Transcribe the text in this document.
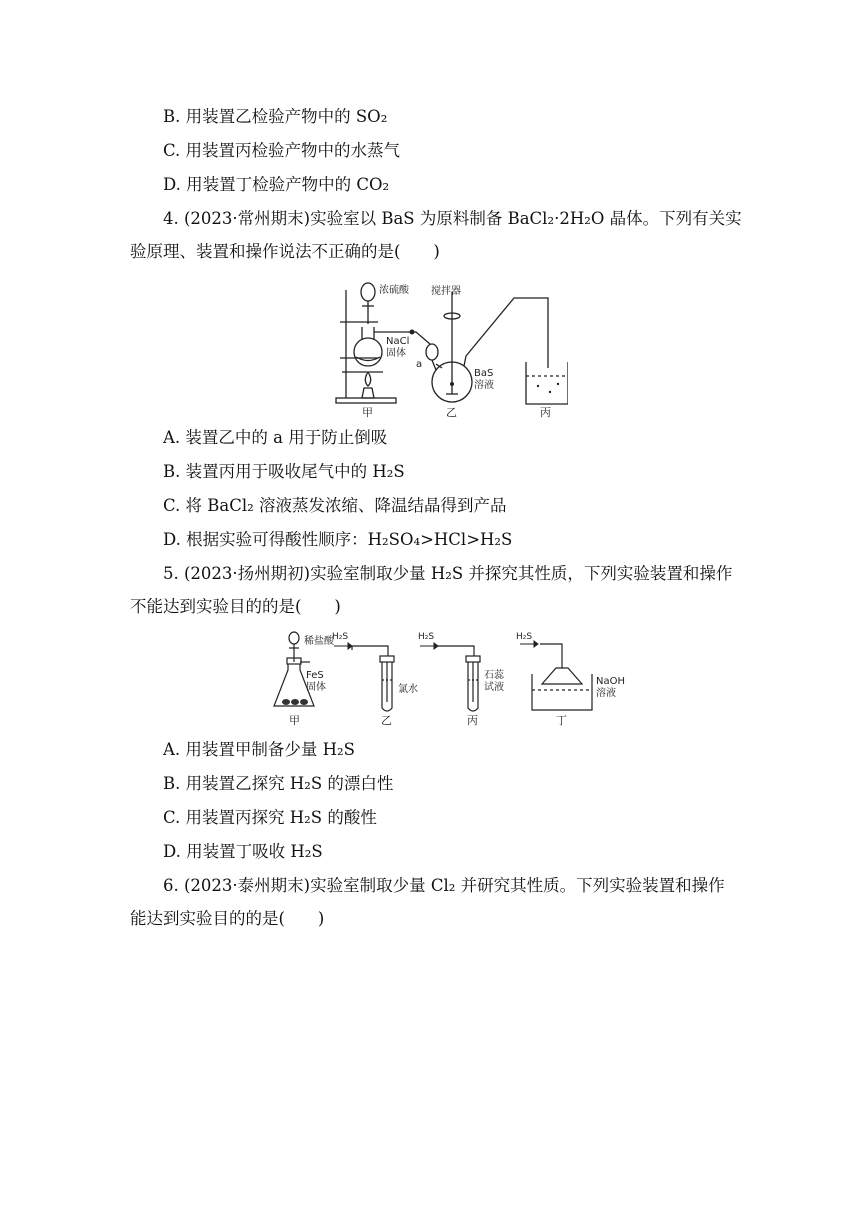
B. 用装置乙检验产物中的 SO₂
C. 用装置丙检验产物中的水蒸气
D. 用装置丁检验产物中的 CO₂
4. (2023·常州期末)实验室以 BaS 为原料制备 BaCl₂·2H₂O 晶体。下列有关实
验原理、装置和操作说法不正确的是(　　)
浓硫酸 搅拌器
NaCl
固体
a
BaS
溶液
甲	乙	丙
A. 装置乙中的 a 用于防止倒吸
B. 装置丙用于吸收尾气中的 H₂S
C. 将 BaCl₂ 溶液蒸发浓缩、降温结晶得到产品
D. 根据实验可得酸性顺序：H₂SO₄>HCl>H₂S
5. (2023·扬州期初)实验室制取少量 H₂S 并探究其性质，下列实验装置和操作
不能达到实验目的的是(　　)
稀盐酸
FeS
固体
H₂S
氯水
H₂S
石蕊
试液
H₂S
NaOH
溶液
甲	乙	丙	丁
A. 用装置甲制备少量 H₂S
B. 用装置乙探究 H₂S 的漂白性
C. 用装置丙探究 H₂S 的酸性
D. 用装置丁吸收 H₂S
6. (2023·泰州期末)实验室制取少量 Cl₂ 并研究其性质。下列实验装置和操作
能达到实验目的的是(　　)
